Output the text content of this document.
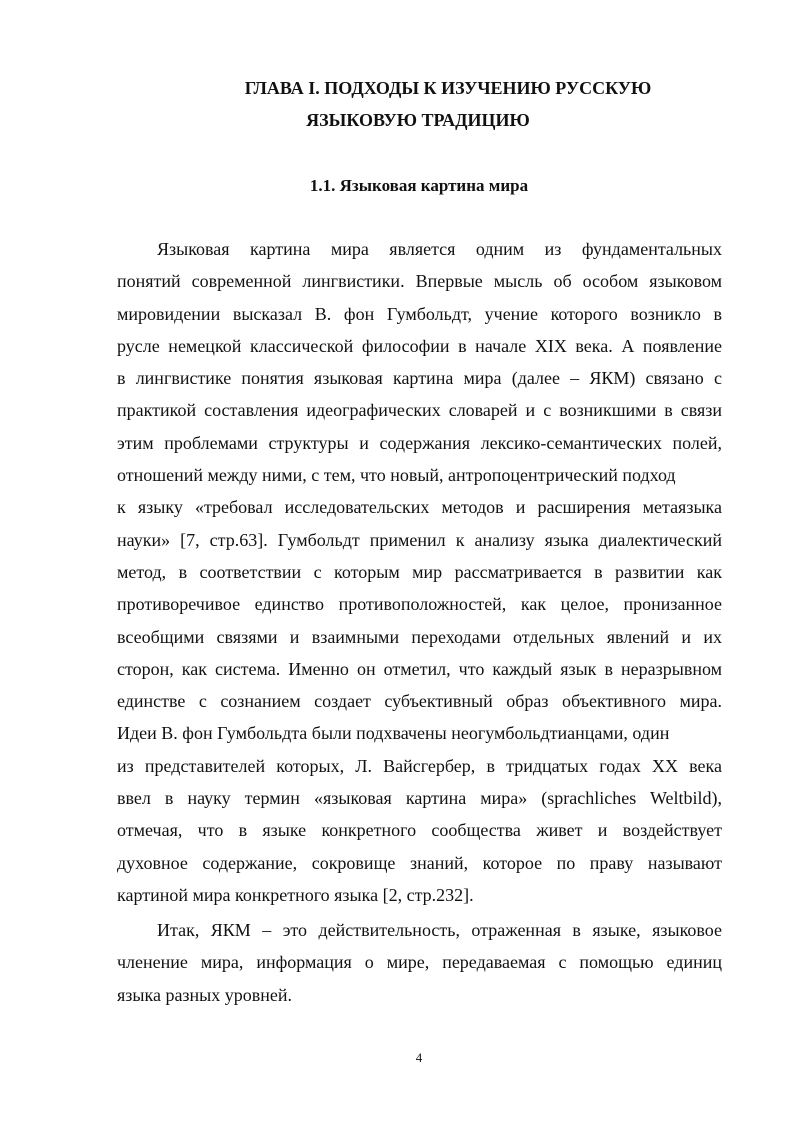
ГЛАВА I. ПОДХОДЫ К ИЗУЧЕНИЮ РУССКУЮ
ЯЗЫКОВУЮ ТРАДИЦИЮ
1.1. Языковая картина мира
Языковая картина мира является одним из фундаментальных
понятий современной лингвистики. Впервые мысль об особом языковом
мировидении высказал В. фон Гумбольдт, учение которого возникло в
русле немецкой классической философии в начале XIX века. А появление
в лингвистике понятия языковая картина мира (далее – ЯКМ) связано с
практикой составления идеографических словарей и с возникшими в связи
этим проблемами структуры и содержания лексико-семантических полей,
отношений между ними, с тем, что новый, антропоцентрический подход
к языку «требовал исследовательских методов и расширения метаязыка
науки» [7, стр.63]. Гумбольдт применил к анализу языка диалектический
метод, в соответствии с которым мир рассматривается в развитии как
противоречивое единство противоположностей, как целое, пронизанное
всеобщими связями и взаимными переходами отдельных явлений и их
сторон, как система. Именно он отметил, что каждый язык в неразрывном
единстве с сознанием создает субъективный образ объективного мира.
Идеи В. фон Гумбольдта были подхвачены неогумбольдтианцами, один
из представителей которых, Л. Вайсгербер, в тридцатых годах XX века
ввел в науку термин «языковая картина мира» (sprachliches Weltbild),
отмечая, что в языке конкретного сообщества живет и воздействует
духовное содержание, сокровище знаний, которое по праву называют
картиной мира конкретного языка [2, стр.232].
Итак, ЯКМ – это действительность, отраженная в языке, языковое
членение мира, информация о мире, передаваемая с помощью единиц
языка разных уровней.

4
